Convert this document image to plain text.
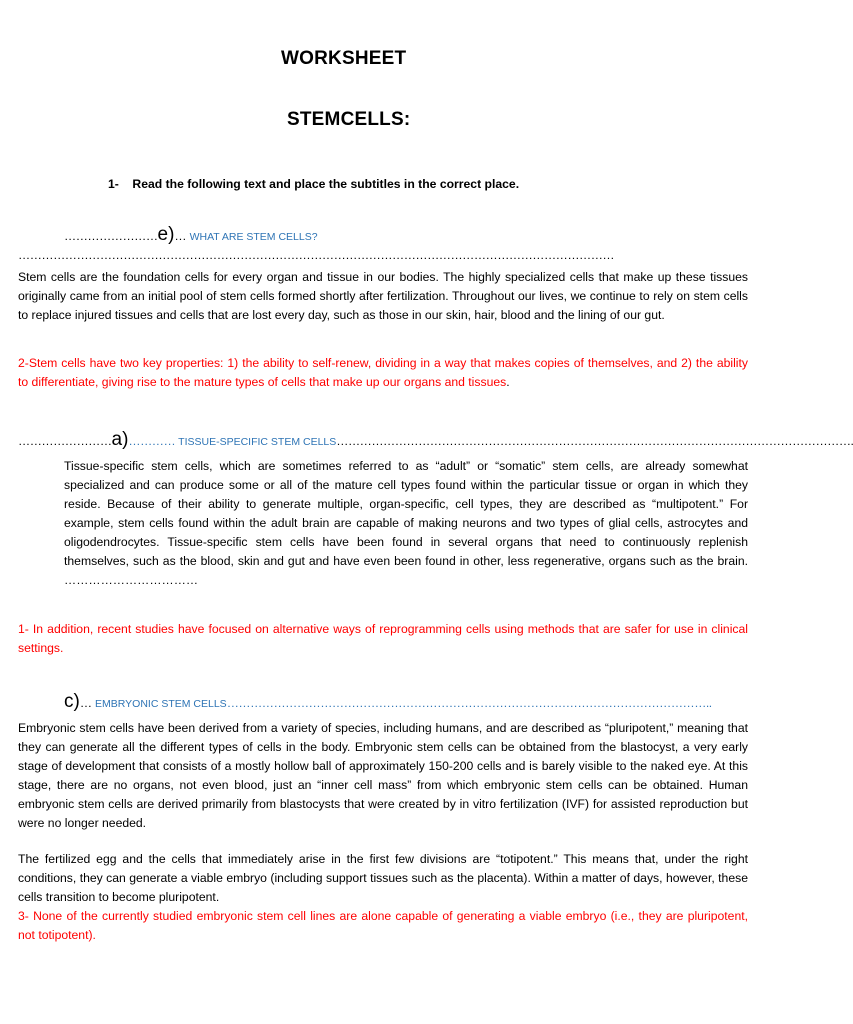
WORKSHEET
STEMCELLS:
1- Read the following text and place the subtitles in the correct place.
……………………e)… WHAT ARE STEM CELLS?
………………………………………………………………………………………………………………………………………

Stem cells are the foundation cells for every organ and tissue in our bodies. The highly specialized cells that make up these tissues originally came from an initial pool of stem cells formed shortly after fertilization. Throughout our lives, we continue to rely on stem cells to replace injured tissues and cells that are lost every day, such as those in our skin, hair, blood and the lining of our gut.

2-Stem cells have two key properties: 1) the ability to self-renew, dividing in a way that makes copies of themselves, and 2) the ability to differentiate, giving rise to the mature types of cells that make up our organs and tissues.

……………………a)………… TISSUE-SPECIFIC STEM CELLS…………………………………………………………………………………………………………………….

Tissue-specific stem cells, which are sometimes referred to as “adult” or “somatic” stem cells, are already somewhat specialized and can produce some or all of the mature cell types found within the particular tissue or organ in which they reside. Because of their ability to generate multiple, organ-specific, cell types, they are described as “multipotent.” For example, stem cells found within the adult brain are capable of making neurons and two types of glial cells, astrocytes and oligodendrocytes. Tissue-specific stem cells have been found in several organs that need to continuously replenish themselves, such as the blood, skin and gut and have even been found in other, less regenerative, organs such as the brain. ……………………………

1- In addition, recent studies have focused on alternative ways of reprogramming cells using methods that are safer for use in clinical settings.

c)… EMBRYONIC STEM CELLS……………………………………………………………………………………………………………..

Embryonic stem cells have been derived from a variety of species, including humans, and are described as “pluripotent,” meaning that they can generate all the different types of cells in the body. Embryonic stem cells can be obtained from the blastocyst, a very early stage of development that consists of a mostly hollow ball of approximately 150-200 cells and is barely visible to the naked eye. At this stage, there are no organs, not even blood, just an “inner cell mass” from which embryonic stem cells can be obtained. Human embryonic stem cells are derived primarily from blastocysts that were created by in vitro fertilization (IVF) for assisted reproduction but were no longer needed.

The fertilized egg and the cells that immediately arise in the first few divisions are “totipotent.” This means that, under the right conditions, they can generate a viable embryo (including support tissues such as the placenta). Within a matter of days, however, these cells transition to become pluripotent.

3- None of the currently studied embryonic stem cell lines are alone capable of generating a viable embryo (i.e., they are pluripotent, not totipotent).
